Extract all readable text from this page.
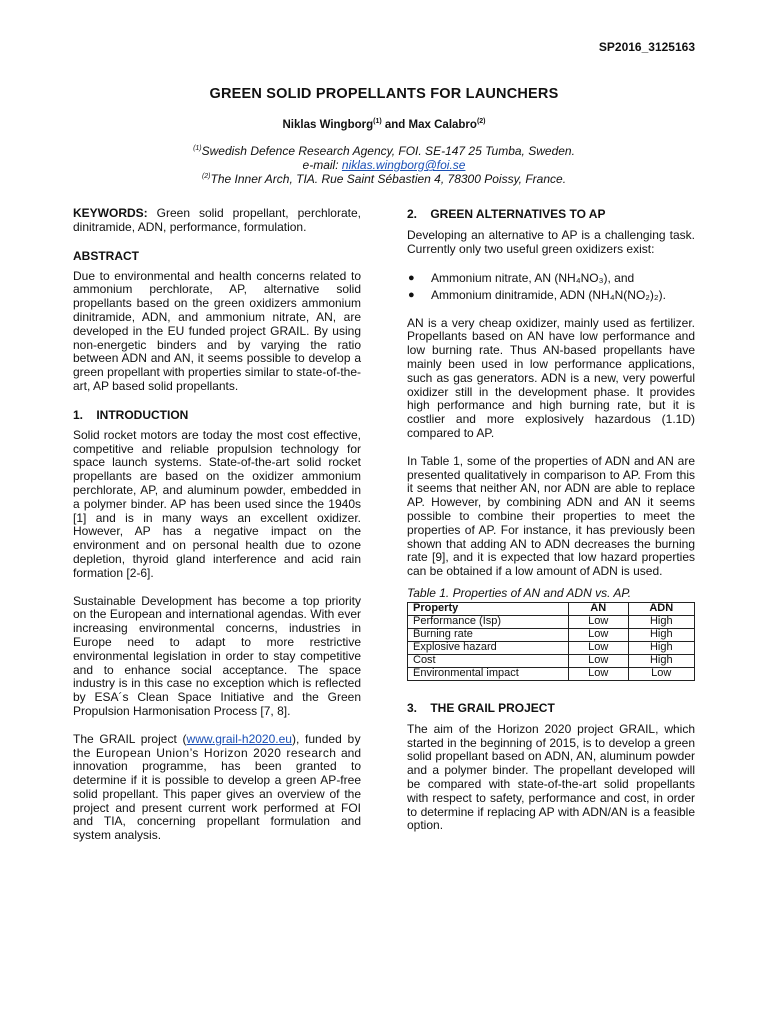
SP2016_3125163
GREEN SOLID PROPELLANTS FOR LAUNCHERS
Niklas Wingborg$^{(1)}$ and Max Calabro$^{(2)}$
$^{(1)}$Swedish Defence Research Agency, FOI. SE-147 25 Tumba, Sweden.
e-mail: niklas.wingborg@foi.se
$^{(2)}$The Inner Arch, TIA. Rue Saint Sébastien 4, 78300 Poissy, France.

KEYWORDS: Green solid propellant, perchlorate, dinitramide, ADN, performance, formulation.

ABSTRACT

Due to environmental and health concerns related to ammonium perchlorate, AP, alternative solid propellants based on the green oxidizers ammonium dinitramide, ADN, and ammonium nitrate, AN, are developed in the EU funded project GRAIL. By using non-energetic binders and by varying the ratio between ADN and AN, it seems possible to develop a green propellant with properties similar to state-of-the-art, AP based solid propellants.

1.    INTRODUCTION

Solid rocket motors are today the most cost effective, competitive and reliable propulsion technology for space launch systems. State-of-the-art solid rocket propellants are based on the oxidizer ammonium perchlorate, AP, and aluminum powder, embedded in a polymer binder. AP has been used since the 1940s [1] and is in many ways an excellent oxidizer. However, AP has a negative impact on the environment and on personal health due to ozone depletion, thyroid gland interference and acid rain formation [2-6].

Sustainable Development has become a top priority on the European and international agendas. With ever increasing environmental concerns, industries in Europe need to adapt to more restrictive environmental legislation in order to stay competitive and to enhance social acceptance. The space industry is in this case no exception which is reflected by ESA´s Clean Space Initiative and the Green Propulsion Harmonisation Process [7, 8].

The GRAIL project (www.grail-h2020.eu), funded by the European Union’s Horizon 2020 research and innovation programme, has been granted to determine if it is possible to develop a green AP-free solid propellant. This paper gives an overview of the project and present current work performed at FOI and TIA, concerning propellant formulation and system analysis.

2.    GREEN ALTERNATIVES TO AP

Developing an alternative to AP is a challenging task. Currently only two useful green oxidizers exist:

● Ammonium nitrate, AN (NH₄NO₃), and
● Ammonium dinitramide, ADN (NH₄N(NO₂)₂).

AN is a very cheap oxidizer, mainly used as fertilizer. Propellants based on AN have low performance and low burning rate. Thus AN-based propellants have mainly been used in low performance applications, such as gas generators. ADN is a new, very powerful oxidizer still in the development phase. It provides high performance and high burning rate, but it is costlier and more explosively hazardous (1.1D) compared to AP.

In Table 1, some of the properties of ADN and AN are presented qualitatively in comparison to AP. From this it seems that neither AN, nor ADN are able to replace AP. However, by combining ADN and AN it seems possible to combine their properties to meet the properties of AP. For instance, it has previously been shown that adding AN to ADN decreases the burning rate [9], and it is expected that low hazard properties can be obtained if a low amount of ADN is used.

Table 1. Properties of AN and ADN vs. AP.
Property	AN	ADN
Performance (Isp)	Low	High
Burning rate	Low	High
Explosive hazard	Low	High
Cost	Low	High
Environmental impact	Low	Low
3.    THE GRAIL PROJECT

The aim of the Horizon 2020 project GRAIL, which started in the beginning of 2015, is to develop a green solid propellant based on ADN, AN, aluminum powder and a polymer binder. The propellant developed will be compared with state-of-the-art solid propellants with respect to safety, performance and cost, in order to determine if replacing AP with ADN/AN is a feasible option.
